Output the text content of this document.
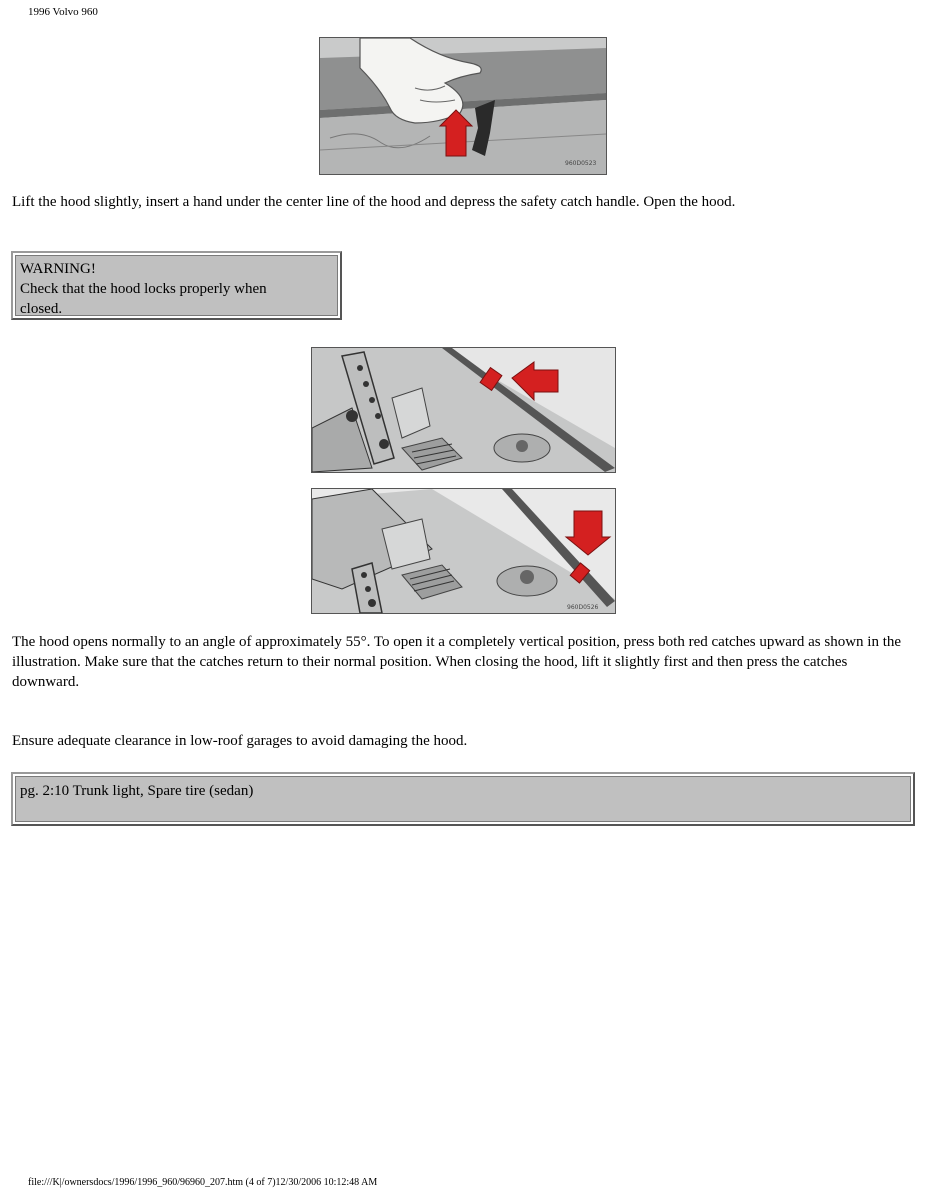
1996 Volvo 960
960D0523

Lift the hood slightly, insert a hand under the center line of the hood and depress the safety catch handle. Open the hood.

WARNING!
Check that the hood locks properly when
closed.
960D0526

The hood opens normally to an angle of approximately 55°. To open it a completely vertical position, press both red catches upward as shown in the illustration. Make sure that the catches return to their normal position. When closing the hood, lift it slightly first and then press the catches downward.

Ensure adequate clearance in low-roof garages to avoid damaging the hood.

pg. 2:10 Trunk light, Spare tire (sedan)
file:///K|/ownersdocs/1996/1996_960/96960_207.htm (4 of 7)12/30/2006 10:12:48 AM
